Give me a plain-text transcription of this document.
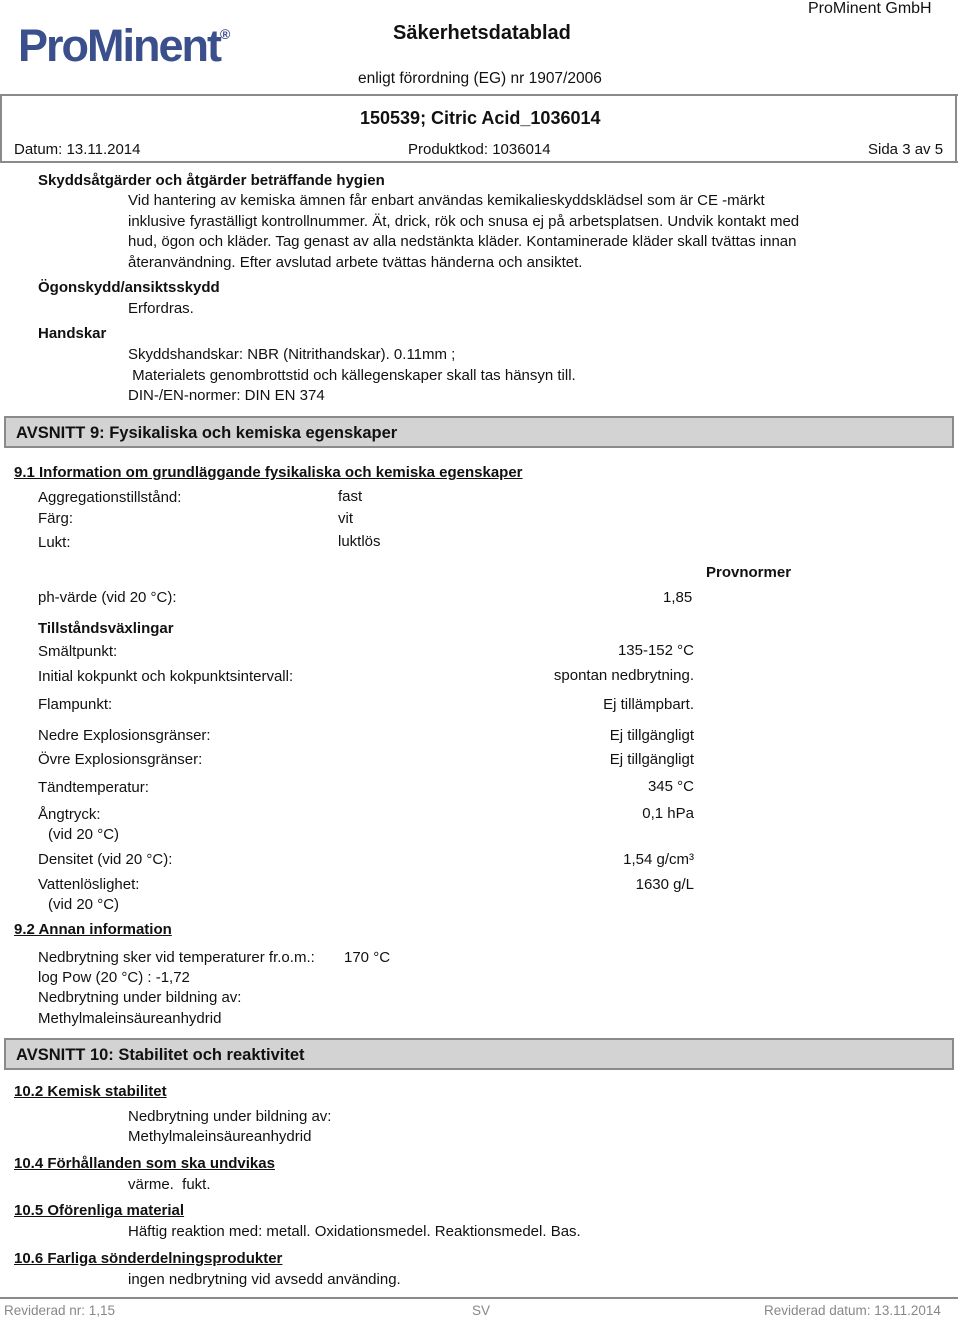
ProMinent®	Säkerhetsdatablad
ProMinent GmbH
enligt förordning (EG) nr 1907/2006
150539; Citric Acid_1036014
Datum: 13.11.2014	Produktkod: 1036014	Sida 3 av 5
Skyddsåtgärder och åtgärder beträffande hygien
Vid hantering av kemiska ämnen får enbart användas kemikalieskyddsklädsel som är CE -märkt
inklusive fyraställigt kontrollnummer. Ät, drick, rök och snusa ej på arbetsplatsen. Undvik kontakt med
hud, ögon och kläder. Tag genast av alla nedstänkta kläder. Kontaminerade kläder skall tvättas innan
återanvändning. Efter avslutad arbete tvättas händerna och ansiktet.
Ögonskydd/ansiktsskydd
Erfordras.
Handskar
Skyddshandskar: NBR (Nitrithandskar). 0.11mm ;
Materialets genombrottstid och källegenskaper skall tas hänsyn till.
DIN-/EN-normer: DIN EN 374
AVSNITT 9: Fysikaliska och kemiska egenskaper
9.1 Information om grundläggande fysikaliska och kemiska egenskaper
Aggregationstillstånd:	fast
Färg:	vit
Lukt:	luktlös
Provnormer
ph-värde (vid 20 °C):	1,85
Tillståndsväxlingar
Smältpunkt:	135-152 °C
Initial kokpunkt och kokpunktsintervall:	spontan nedbrytning.
Flampunkt:	Ej tillämpbart.
Nedre Explosionsgränser:	Ej tillgängligt
Övre Explosionsgränser:	Ej tillgängligt
Tändtemperatur:	345 °C
Ångtryck:	0,1 hPa
(vid 20 °C)
Densitet (vid 20 °C):	1,54 g/cm³
Vattenlöslighet:	1630 g/L
(vid 20 °C)
9.2 Annan information
Nedbrytning sker vid temperaturer fr.o.m.: 170 °C
log Pow (20 °C) : -1,72
Nedbrytning under bildning av:
Methylmaleinsäureanhydrid
AVSNITT 10: Stabilitet och reaktivitet
10.2 Kemisk stabilitet
Nedbrytning under bildning av:
Methylmaleinsäureanhydrid
10.4 Förhållanden som ska undvikas
värme.  fukt.
10.5 Oförenliga material
Häftig reaktion med: metall. Oxidationsmedel. Reaktionsmedel. Bas.
10.6 Farliga sönderdelningsprodukter
ingen nedbrytning vid avsedd använding.
Reviderad nr: 1,15	SV	Reviderad datum: 13.11.2014
